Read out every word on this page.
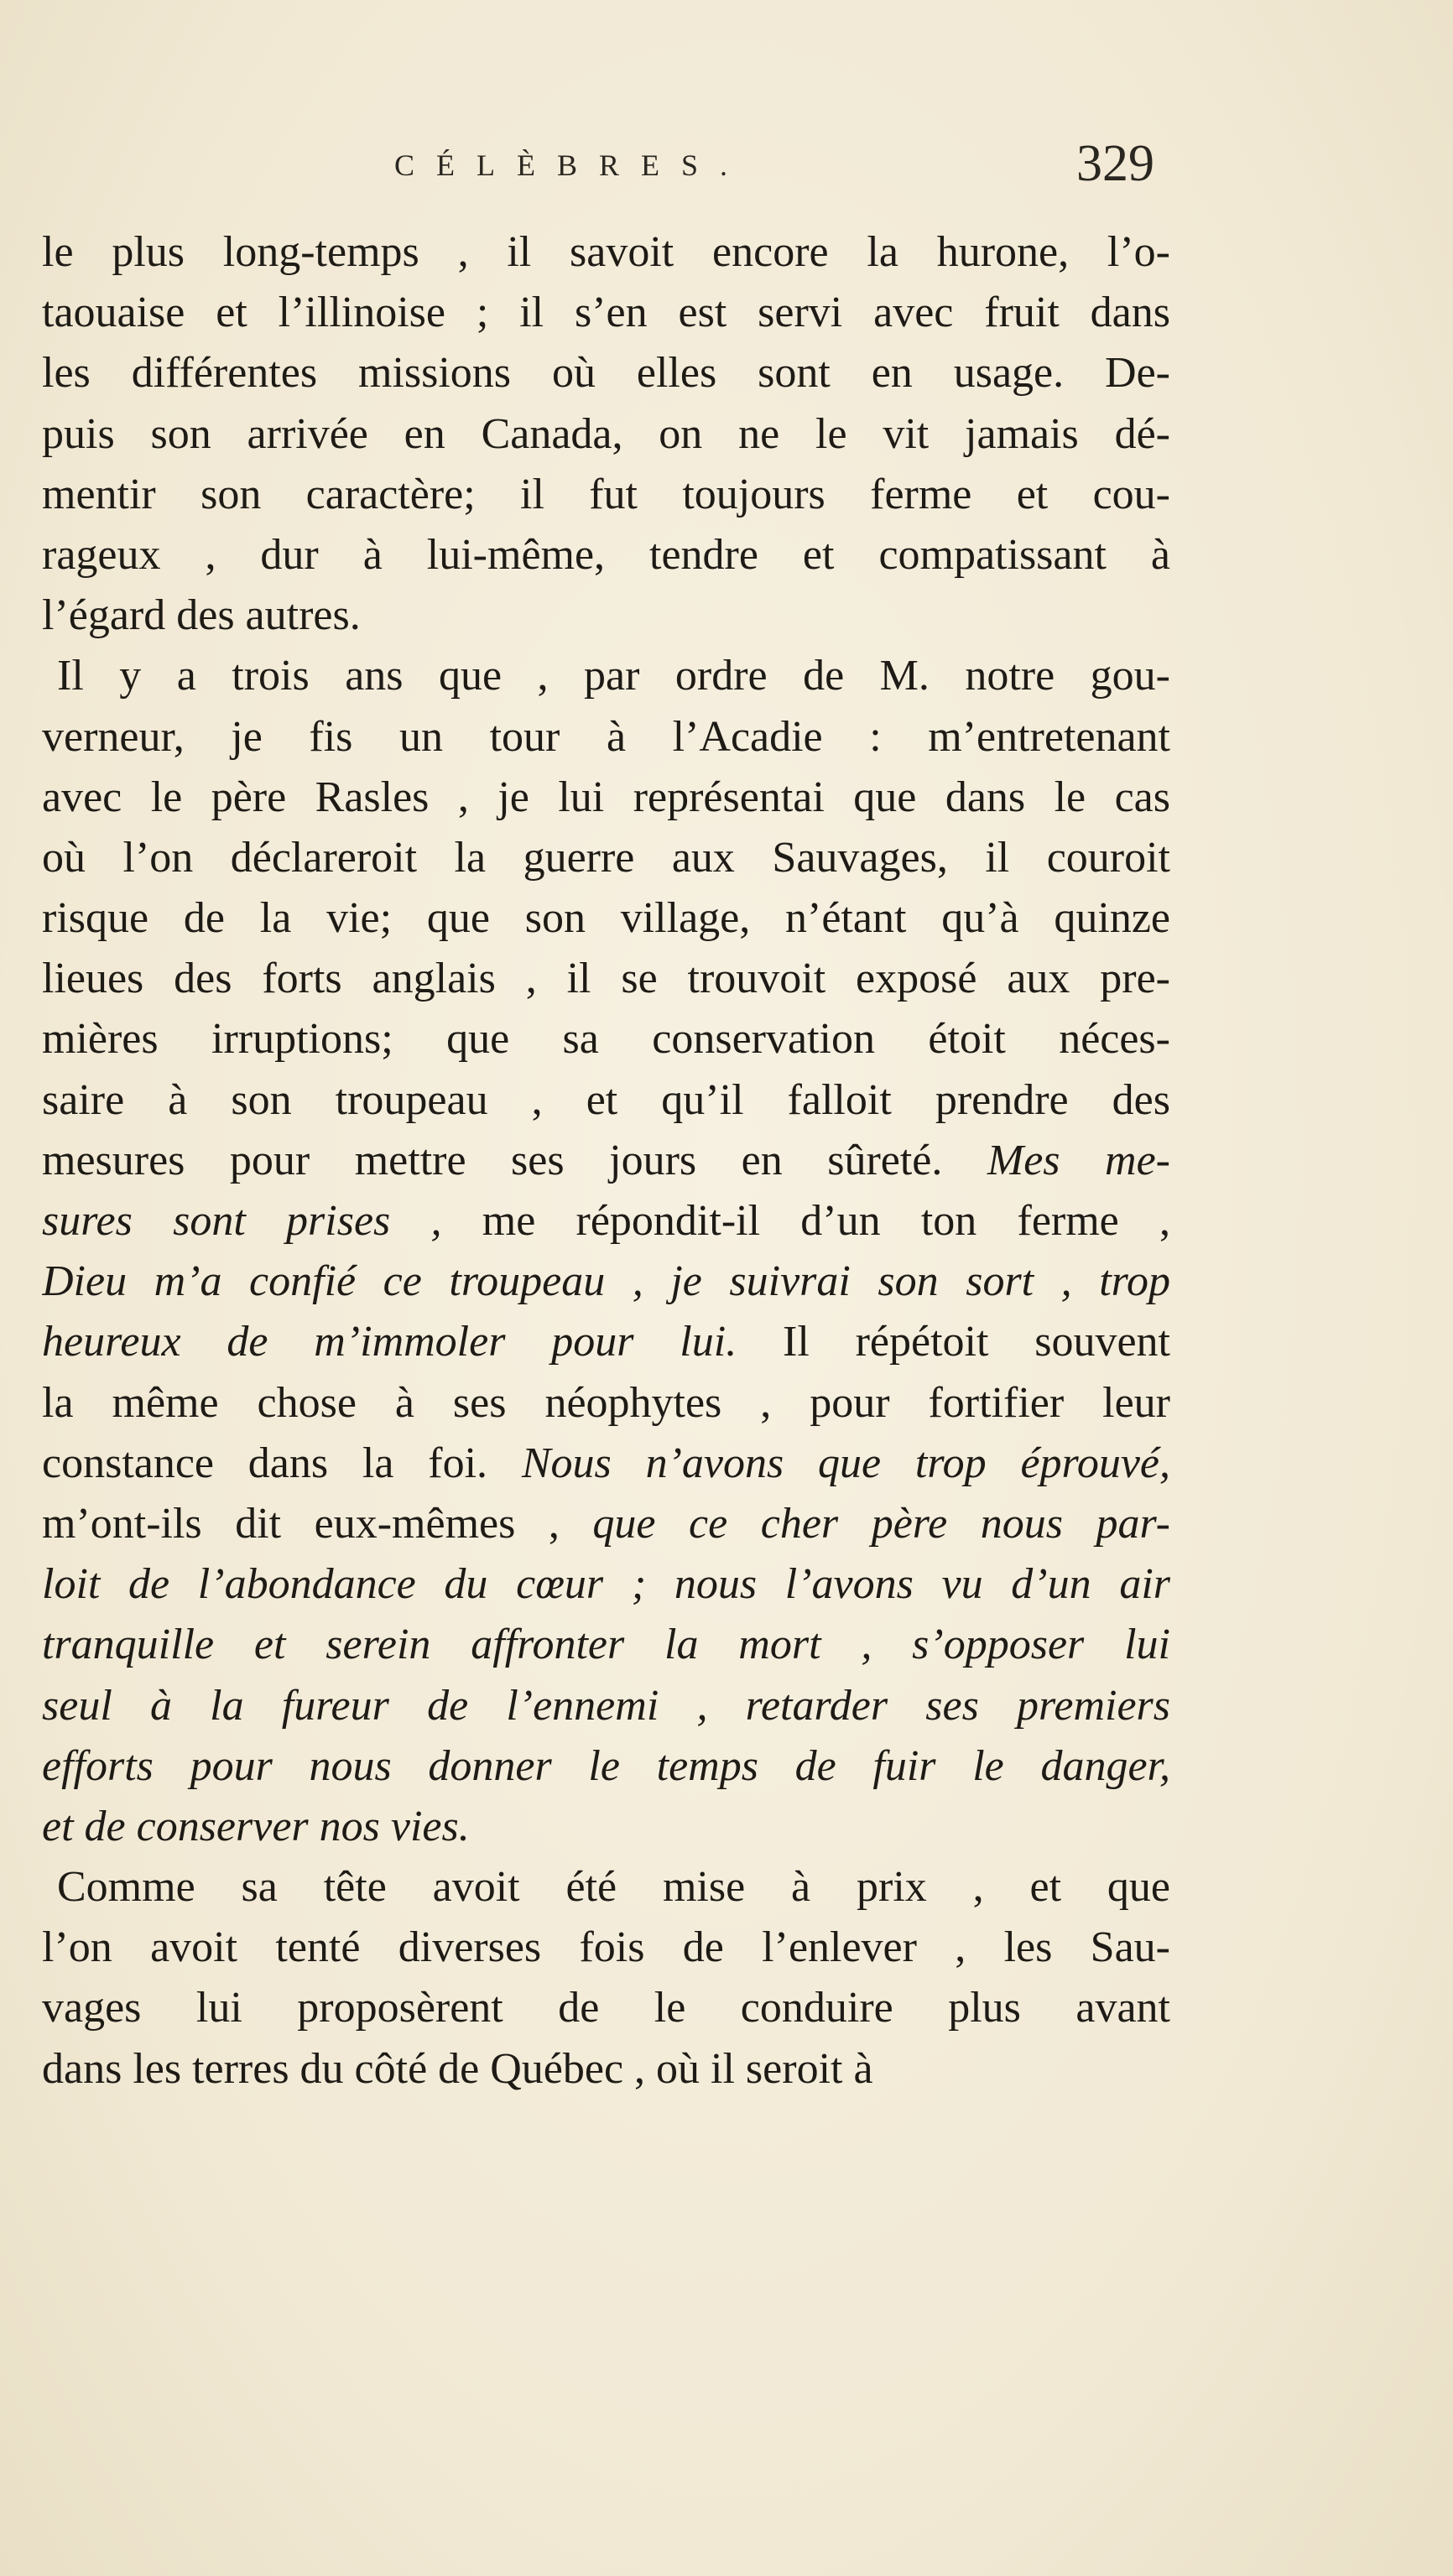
CÉLÈBRES.	329
le plus long-temps , il savoit encore la hurone, l’o-
taouaise et l’illinoise ; il s’en est servi avec fruit dans
les différentes missions où elles sont en usage. De-
puis son arrivée en Canada, on ne le vit jamais dé-
mentir son caractère; il fut toujours ferme et cou-
rageux , dur à lui-même, tendre et compatissant à
l’égard des autres.
Il y a trois ans que , par ordre de M. notre gou-
verneur, je fis un tour à l’Acadie : m’entretenant
avec le père Rasles , je lui représentai que dans le cas
où l’on déclareroit la guerre aux Sauvages, il couroit
risque de la vie; que son village, n’étant qu’à quinze
lieues des forts anglais , il se trouvoit exposé aux pre-
mières irruptions; que sa conservation étoit néces-
saire à son troupeau , et qu’il falloit prendre des
mesures pour mettre ses jours en sûreté. Mes me-
sures sont prises , me répondit-il d’un ton ferme ,
Dieu m’a confié ce troupeau , je suivrai son sort , trop
heureux de m’immoler pour lui. Il répétoit souvent
la même chose à ses néophytes , pour fortifier leur
constance dans la foi. Nous n’avons que trop éprouvé,
m’ont-ils dit eux-mêmes , que ce cher père nous par-
loit de l’abondance du cœur ; nous l’avons vu d’un air
tranquille et serein affronter la mort , s’opposer lui
seul à la fureur de l’ennemi , retarder ses premiers
efforts pour nous donner le temps de fuir le danger,
et de conserver nos vies.
Comme sa tête avoit été mise à prix , et que
l’on avoit tenté diverses fois de l’enlever , les Sau-
vages lui proposèrent de le conduire plus avant
dans les terres du côté de Québec , où il seroit à
